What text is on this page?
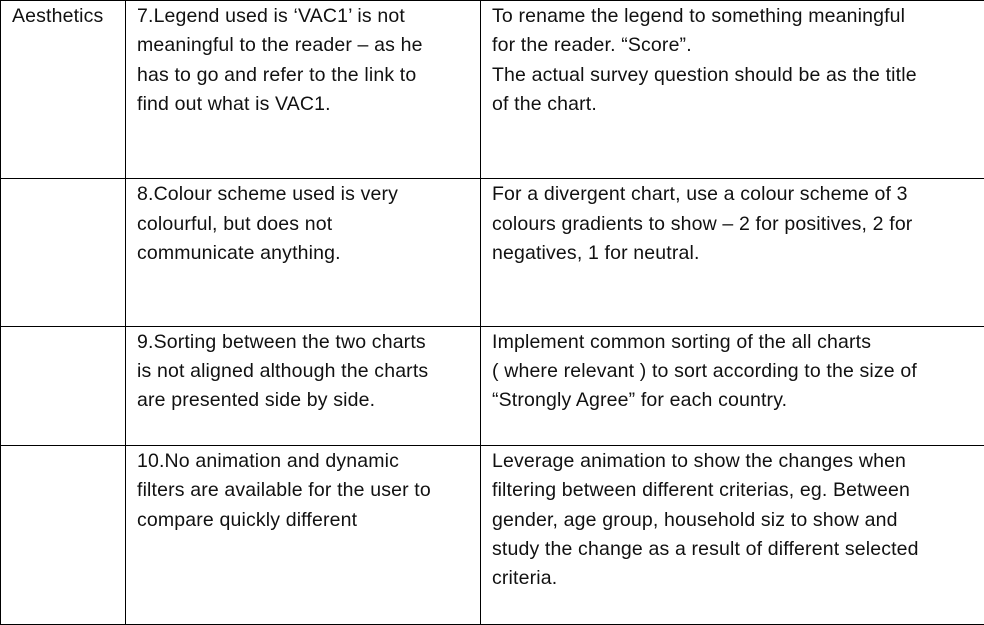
Aesthetics	7.Legend used is ‘VAC1’ is not
meaningful to the reader – as he
has to go and refer to the link to
find out what is VAC1.	To rename the legend to something meaningful
for the reader. “Score”.
The actual survey question should be as the title
of the chart.

	8.Colour scheme used is very
colourful, but does not
communicate anything.	For a divergent chart, use a colour scheme of 3
colours gradients to show – 2 for positives, 2 for
negatives, 1 for neutral.

	9.Sorting between the two charts
is not aligned although the charts
are presented side by side.	Implement common sorting of the all charts
( where relevant ) to sort according to the size of
“Strongly Agree” for each country.

	10.No animation and dynamic
filters are available for the user to
compare quickly different	Leverage animation to show the changes when
filtering between different criterias, eg. Between
gender, age group, household siz to show and
study the change as a result of different selected
criteria.
